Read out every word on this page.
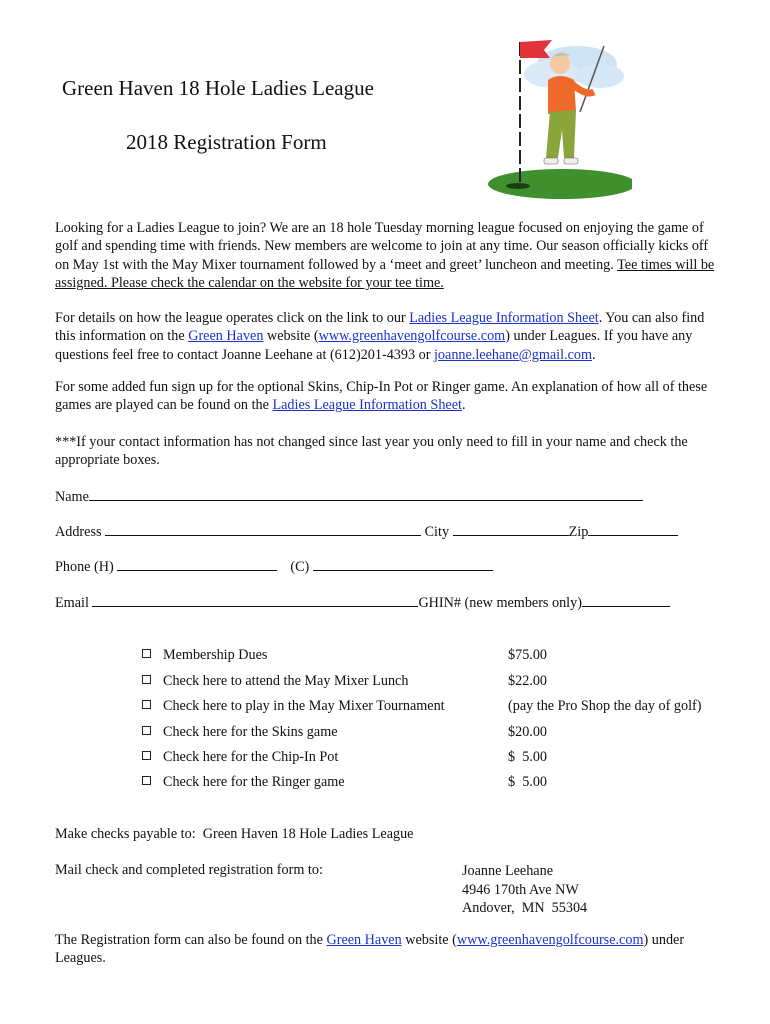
Green Haven 18 Hole Ladies League
2018 Registration Form
Looking for a Ladies League to join? We are an 18 hole Tuesday morning league focused on enjoying the game of golf and spending time with friends. New members are welcome to join at any time. Our season officially kicks off on May 1st with the May Mixer tournament followed by a ‘meet and greet’ luncheon and meeting. Tee times will be assigned. Please check the calendar on the website for your tee time.
For details on how the league operates click on the link to our Ladies League Information Sheet. You can also find this information on the Green Haven website (www.greenhavengolfcourse.com) under Leagues. If you have any questions feel free to contact Joanne Leehane at (612)201-4393 or joanne.leehane@gmail.com.
For some added fun sign up for the optional Skins, Chip-In Pot or Ringer game. An explanation of how all of these games are played can be found on the Ladies League Information Sheet.
***If your contact information has not changed since last year you only need to fill in your name and check the appropriate boxes.
Name
Address	City	Zip
Phone (H)	(C)
Email	GHIN# (new members only)
Membership Dues	$75.00
Check here to attend the May Mixer Lunch	$22.00
Check here to play in the May Mixer Tournament	(pay the Pro Shop the day of golf)
Check here for the Skins game	$20.00
Check here for the Chip-In Pot	$  5.00
Check here for the Ringer game	$  5.00
Make checks payable to:  Green Haven 18 Hole Ladies League
Mail check and completed registration form to:	Joanne Leehane
4946 170th Ave NW
Andover,  MN  55304
The Registration form can also be found on the Green Haven website (www.greenhavengolfcourse.com) under Leagues.
